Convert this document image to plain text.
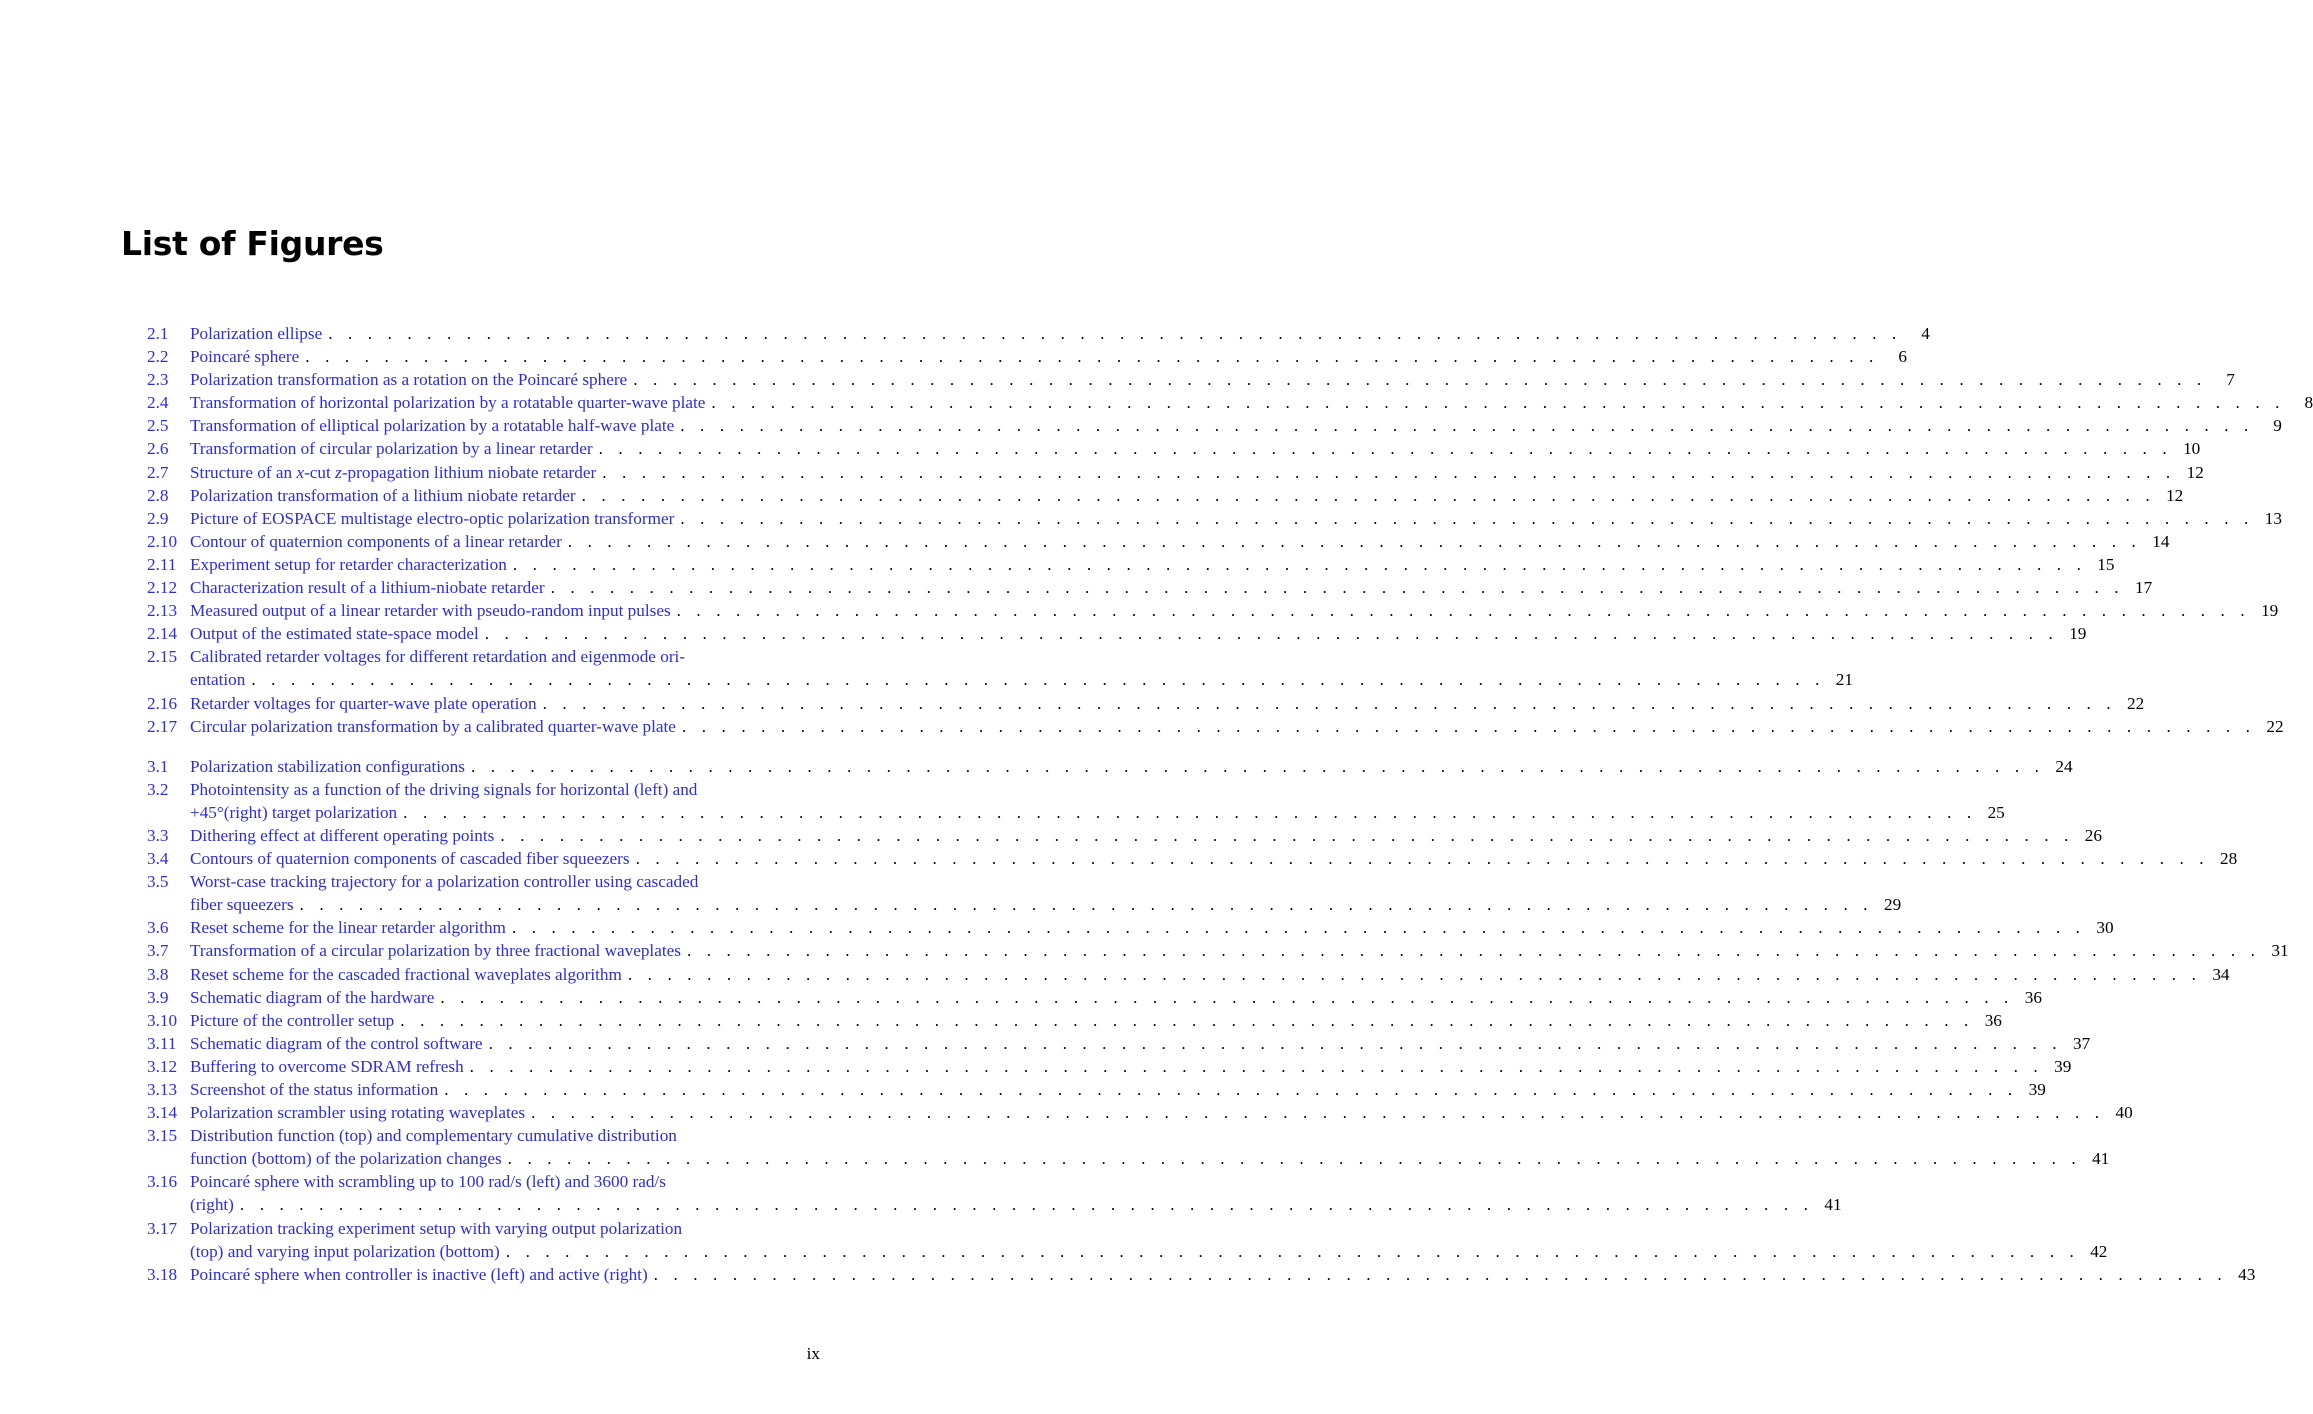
List of Figures
2.1	Polarization ellipse . . . . . . . . . . . . . . . . . . . . . . . . . . . . . . . . . . . . . . . . . . . . . . . . . . . . . . . . . . . . . . . . . . . . . . . . . . . . . . . .	4
2.2	Poincaré sphere . . . . . . . . . . . . . . . . . . . . . . . . . . . . . . . . . . . . . . . . . . . . . . . . . . . . . . . . . . . . . . . . . . . . . . . . . . . . . . . .	6
2.3	Polarization transformation as a rotation on the Poincaré sphere . . . . . . . . . . . . . . . . . . . . . . . . . . . . . . . . . . . . . . . . . . . . . . . . . . . . . . . . . . . . . . . . . . . . . . . . . . . . . . . .	7
2.4	Transformation of horizontal polarization by a rotatable quarter-wave plate . . . . . . . . . . . . . . . . . . . . . . . . . . . . . . . . . . . . . . . . . . . . . . . . . . . . . . . . . . . . . . . . . . . . . . . . . . . . . . . .	8
2.5	Transformation of elliptical polarization by a rotatable half-wave plate . . . . . . . . . . . . . . . . . . . . . . . . . . . . . . . . . . . . . . . . . . . . . . . . . . . . . . . . . . . . . . . . . . . . . . . . . . . . . . . .	9
2.6	Transformation of circular polarization by a linear retarder . . . . . . . . . . . . . . . . . . . . . . . . . . . . . . . . . . . . . . . . . . . . . . . . . . . . . . . . . . . . . . . . . . . . . . . . . . . . . . . . 10
2.7	Structure of an x-cut z-propagation lithium niobate retarder . . . . . . . . . . . . . . . . . . . . . . . . . . . . . . . . . . . . . . . . . . . . . . . . . . . . . . . . . . . . . . . . . . . . . . . . . . . . . . . . 12
2.8	Polarization transformation of a lithium niobate retarder . . . . . . . . . . . . . . . . . . . . . . . . . . . . . . . . . . . . . . . . . . . . . . . . . . . . . . . . . . . . . . . . . . . . . . . . . . . . . . . . 12
2.9	Picture of EOSPACE multistage electro-optic polarization transformer . . . . . . . . . . . . . . . . . . . . . . . . . . . . . . . . . . . . . . . . . . . . . . . . . . . . . . . . . . . . . . . . . . . . . . . . . . . . . . . . 13
2.10 Contour of quaternion components of a linear retarder . . . . . . . . . . . . . . . . . . . . . . . . . . . . . . . . . . . . . . . . . . . . . . . . . . . . . . . . . . . . . . . . . . . . . . . . . . . . . . . . 14
2.11 Experiment setup for retarder characterization . . . . . . . . . . . . . . . . . . . . . . . . . . . . . . . . . . . . . . . . . . . . . . . . . . . . . . . . . . . . . . . . . . . . . . . . . . . . . . . . 15
2.12 Characterization result of a lithium-niobate retarder . . . . . . . . . . . . . . . . . . . . . . . . . . . . . . . . . . . . . . . . . . . . . . . . . . . . . . . . . . . . . . . . . . . . . . . . . . . . . . . . 17
2.13 Measured output of a linear retarder with pseudo-random input pulses . . . . . . . . . . . . . . . . . . . . . . . . . . . . . . . . . . . . . . . . . . . . . . . . . . . . . . . . . . . . . . . . . . . . . . . . . . . . . . . . 19
2.14 Output of the estimated state-space model . . . . . . . . . . . . . . . . . . . . . . . . . . . . . . . . . . . . . . . . . . . . . . . . . . . . . . . . . . . . . . . . . . . . . . . . . . . . . . . . 19
2.15 Calibrated retarder voltages for different retardation and eigenmode ori-
entation . . . . . . . . . . . . . . . . . . . . . . . . . . . . . . . . . . . . . . . . . . . . . . . . . . . . . . . . . . . . . . . . . . . . . . . . . . . . . . . . 21
2.16 Retarder voltages for quarter-wave plate operation . . . . . . . . . . . . . . . . . . . . . . . . . . . . . . . . . . . . . . . . . . . . . . . . . . . . . . . . . . . . . . . . . . . . . . . . . . . . . . . . 22
2.17 Circular polarization transformation by a calibrated quarter-wave plate . . . . . . . . . . . . . . . . . . . . . . . . . . . . . . . . . . . . . . . . . . . . . . . . . . . . . . . . . . . . . . . . . . . . . . . . . . . . . . . . 22
3.1	Polarization stabilization configurations . . . . . . . . . . . . . . . . . . . . . . . . . . . . . . . . . . . . . . . . . . . . . . . . . . . . . . . . . . . . . . . . . . . . . . . . . . . . . . . . 24
3.2	Photointensity as a function of the driving signals for horizontal (left) and
+45°(right) target polarization . . . . . . . . . . . . . . . . . . . . . . . . . . . . . . . . . . . . . . . . . . . . . . . . . . . . . . . . . . . . . . . . . . . . . . . . . . . . . . . . 25
3.3	Dithering effect at different operating points . . . . . . . . . . . . . . . . . . . . . . . . . . . . . . . . . . . . . . . . . . . . . . . . . . . . . . . . . . . . . . . . . . . . . . . . . . . . . . . . 26
3.4	Contours of quaternion components of cascaded fiber squeezers . . . . . . . . . . . . . . . . . . . . . . . . . . . . . . . . . . . . . . . . . . . . . . . . . . . . . . . . . . . . . . . . . . . . . . . . . . . . . . . . 28
3.5	Worst-case tracking trajectory for a polarization controller using cascaded
fiber squeezers . . . . . . . . . . . . . . . . . . . . . . . . . . . . . . . . . . . . . . . . . . . . . . . . . . . . . . . . . . . . . . . . . . . . . . . . . . . . . . . . 29
3.6	Reset scheme for the linear retarder algorithm . . . . . . . . . . . . . . . . . . . . . . . . . . . . . . . . . . . . . . . . . . . . . . . . . . . . . . . . . . . . . . . . . . . . . . . . . . . . . . . . 30
3.7	Transformation of a circular polarization by three fractional waveplates . . . . . . . . . . . . . . . . . . . . . . . . . . . . . . . . . . . . . . . . . . . . . . . . . . . . . . . . . . . . . . . . . . . . . . . . . . . . . . . . 31
3.8	Reset scheme for the cascaded fractional waveplates algorithm . . . . . . . . . . . . . . . . . . . . . . . . . . . . . . . . . . . . . . . . . . . . . . . . . . . . . . . . . . . . . . . . . . . . . . . . . . . . . . . . 34
3.9	Schematic diagram of the hardware . . . . . . . . . . . . . . . . . . . . . . . . . . . . . . . . . . . . . . . . . . . . . . . . . . . . . . . . . . . . . . . . . . . . . . . . . . . . . . . . 36
3.10 Picture of the controller setup . . . . . . . . . . . . . . . . . . . . . . . . . . . . . . . . . . . . . . . . . . . . . . . . . . . . . . . . . . . . . . . . . . . . . . . . . . . . . . . . 36
3.11 Schematic diagram of the control software . . . . . . . . . . . . . . . . . . . . . . . . . . . . . . . . . . . . . . . . . . . . . . . . . . . . . . . . . . . . . . . . . . . . . . . . . . . . . . . . 37
3.12 Buffering to overcome SDRAM refresh . . . . . . . . . . . . . . . . . . . . . . . . . . . . . . . . . . . . . . . . . . . . . . . . . . . . . . . . . . . . . . . . . . . . . . . . . . . . . . . . 39
3.13 Screenshot of the status information . . . . . . . . . . . . . . . . . . . . . . . . . . . . . . . . . . . . . . . . . . . . . . . . . . . . . . . . . . . . . . . . . . . . . . . . . . . . . . . . 39
3.14 Polarization scrambler using rotating waveplates . . . . . . . . . . . . . . . . . . . . . . . . . . . . . . . . . . . . . . . . . . . . . . . . . . . . . . . . . . . . . . . . . . . . . . . . . . . . . . . . 40
3.15 Distribution function (top) and complementary cumulative distribution
function (bottom) of the polarization changes . . . . . . . . . . . . . . . . . . . . . . . . . . . . . . . . . . . . . . . . . . . . . . . . . . . . . . . . . . . . . . . . . . . . . . . . . . . . . . . . 41
3.16 Poincaré sphere with scrambling up to 100 rad/s (left) and 3600 rad/s
(right) . . . . . . . . . . . . . . . . . . . . . . . . . . . . . . . . . . . . . . . . . . . . . . . . . . . . . . . . . . . . . . . . . . . . . . . . . . . . . . . . 41
3.17 Polarization tracking experiment setup with varying output polarization
(top) and varying input polarization (bottom) . . . . . . . . . . . . . . . . . . . . . . . . . . . . . . . . . . . . . . . . . . . . . . . . . . . . . . . . . . . . . . . . . . . . . . . . . . . . . . . . 42
3.18 Poincaré sphere when controller is inactive (left) and active (right) . . . . . . . . . . . . . . . . . . . . . . . . . . . . . . . . . . . . . . . . . . . . . . . . . . . . . . . . . . . . . . . . . . . . . . . . . . . . . . . . 43
ix
